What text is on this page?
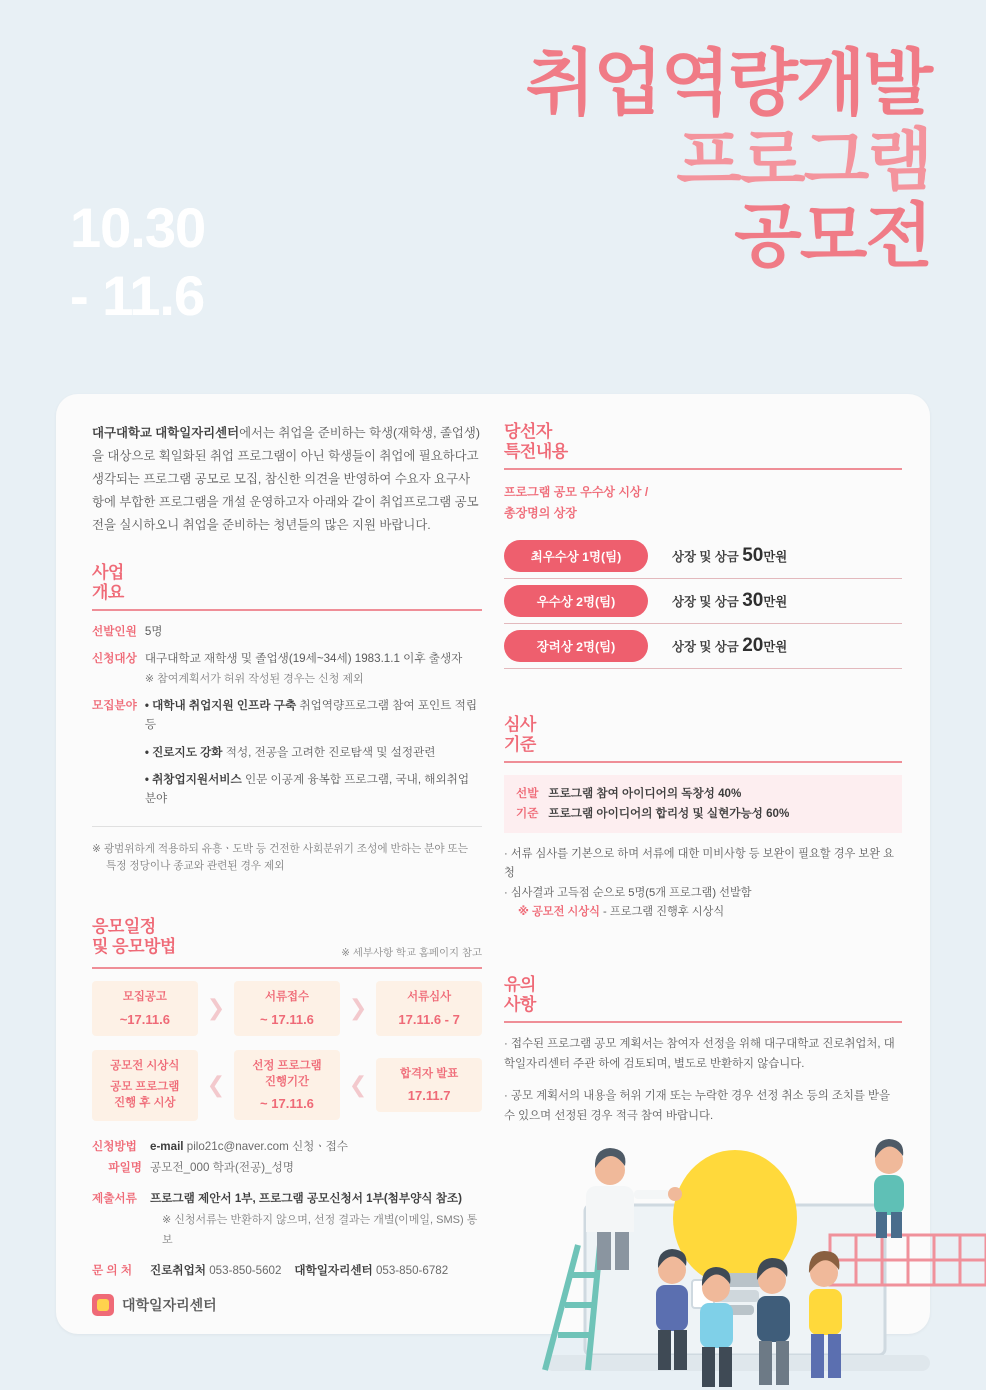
취업역량개발
프로그램
공모전
10.30
- 11.6
대구대학교 대학일자리센터에서는 취업을 준비하는 학생(재학생, 졸업생)을 대상으로 획일화된 취업 프로그램이 아닌 학생들이 취업에 필요하다고 생각되는 프로그램 공모로 모집, 참신한 의견을 반영하여 수요자 요구사항에 부합한 프로그램을 개설 운영하고자 아래와 같이 취업프로그램 공모전을 실시하오니 취업을 준비하는 청년들의 많은 지원 바랍니다.
사업
개요
선발인원 5명
신청대상 대구대학교 재학생 및 졸업생(19세~34세) 1983.1.1 이후 출생자
※ 참여계획서가 허위 작성된 경우는 신청 제외
모집분야 • 대학내 취업지원 인프라 구축 취업역량프로그램 참여 포인트 적립 등
• 진로지도 강화 적성, 전공을 고려한 진로탐색 및 설정관련
• 취창업지원서비스 인문 이공계 융복합 프로그램, 국내, 해외취업 분야
※ 광범위하게 적용하되 유흥ㆍ도박 등 건전한 사회분위기 조성에 반하는 분야 또는
특정 정당이나 종교와 관련된 경우 제외
응모일정
및 응모방법	※ 세부사항 학교 홈페이지 참고
모집공고
~17.11.6	❯	서류접수
~ 17.11.6	❯	서류심사
17.11.6 - 7
공모전 시상식
공모 프로그램
진행 후 시상
❮
선정 프로그램
진행기간
~ 17.11.6
❮	합격자 발표
17.11.7
신청방법	e-mail pilo21c@naver.com 신청ㆍ접수
파일명 공모전_000 학과(전공)_성명
제출서류	프로그램 제안서 1부, 프로그램 공모신청서 1부(첨부양식 참조)
※ 신청서류는 반환하지 않으며, 선정 결과는 개별(이메일, SMS) 통보
문 의 처	진로취업처 053-850-5602 대학일자리센터 053-850-6782
당선자
특전내용
프로그램 공모 우수상 시상 /
총장명의 상장
최우수상 1명(팀)	상장 및 상금 50만원
우수상 2명(팀)	상장 및 상금 30만원
장려상 2명(팀)	상장 및 상금 20만원
심사
기준
선발 프로그램 참여 아이디어의 독창성 40%
기준 프로그램 아이디어의 합리성 및 실현가능성 60%
· 서류 심사를 기본으로 하며 서류에 대한 미비사항 등 보완이 필요할 경우 보완 요청
· 심사결과 고득점 순으로 5명(5개 프로그램) 선발함
※ 공모전 시상식 - 프로그램 진행후 시상식
유의
사항

· 접수된 프로그램 공모 계획서는 참여자 선정을 위해 대구대학교 진로취업처, 대학일자리센터 주관 하에 검토되며, 별도로 반환하지 않습니다.

· 공모 계획서의 내용을 허위 기재 또는 누락한 경우 선정 취소 등의 조치를 받을 수 있으며 선정된 경우 적극 참여 바랍니다.

대학일자리센터
